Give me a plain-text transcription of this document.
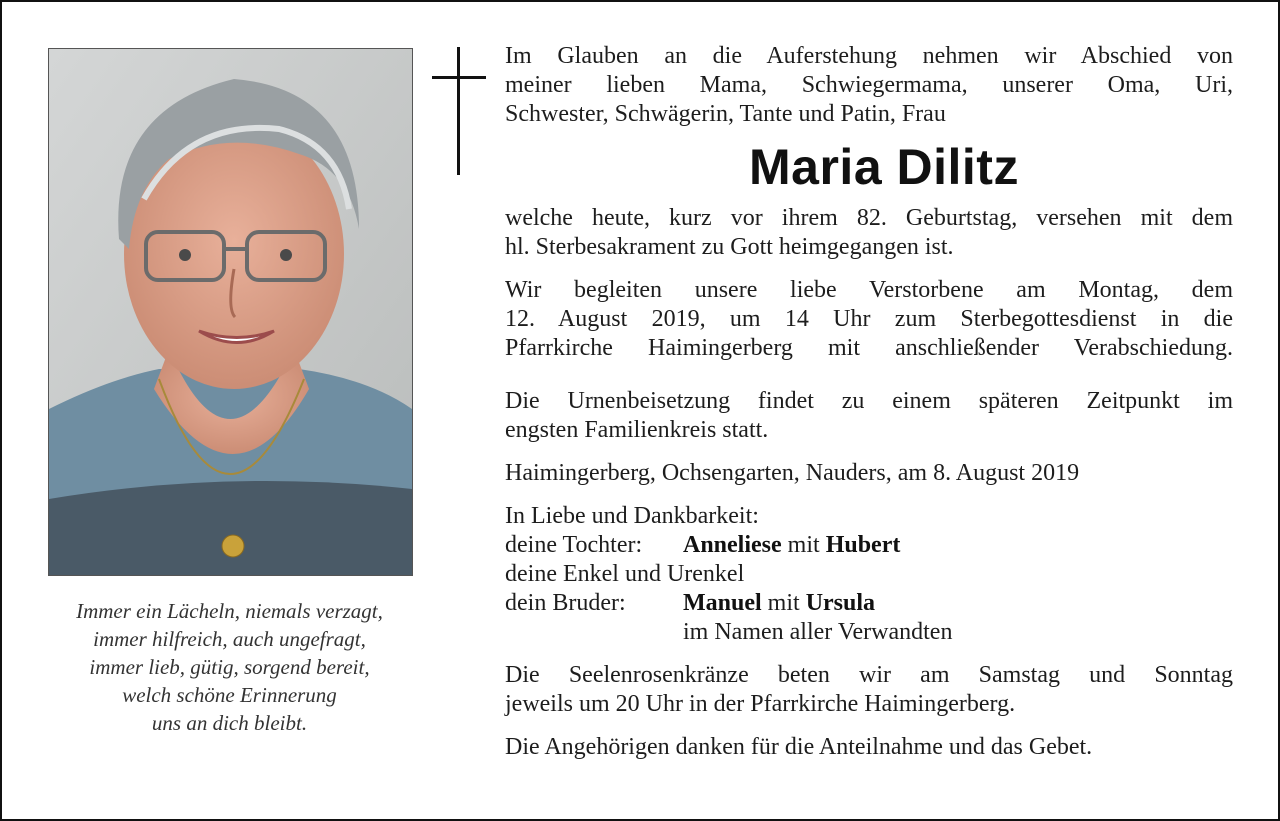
Immer ein Lächeln, niemals verzagt,
immer hilfreich, auch ungefragt,
immer lieb, gütig, sorgend bereit,
welch schöne Erinnerung
uns an dich bleibt.

Im Glauben an die Auferstehung nehmen wir Abschied von
meiner lieben Mama, Schwiegermama, unserer Oma, Uri,
Schwester, Schwägerin, Tante und Patin, Frau

Maria Dilitz

welche heute, kurz vor ihrem 82. Geburtstag, versehen mit dem
hl. Sterbesakrament zu Gott heimgegangen ist.

Wir begleiten unsere liebe Verstorbene am Montag, dem
12. August 2019, um 14 Uhr zum Sterbegottesdienst in die
Pfarrkirche Haimingerberg mit anschließender Verabschiedung.

Die Urnenbeisetzung findet zu einem späteren Zeitpunkt im
engsten Familienkreis statt.

Haimingerberg, Ochsengarten, Nauders, am 8. August 2019

In Liebe und Dankbarkeit:

deine Tochter:	Anneliese mit Hubert
deine Enkel und Urenkel
dein Bruder:	Manuel mit Ursula
im Namen aller Verwandten

Die Seelenrosenkränze beten wir am Samstag und Sonntag
jeweils um 20 Uhr in der Pfarrkirche Haimingerberg.

Die Angehörigen danken für die Anteilnahme und das Gebet.
